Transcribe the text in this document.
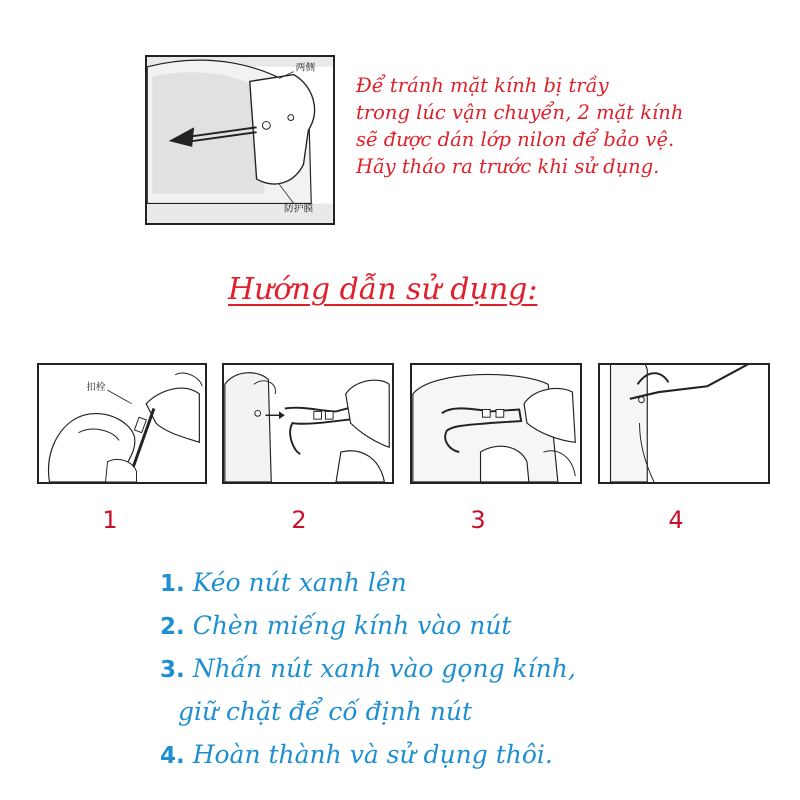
两侧
防护膜
Để tránh mặt kính bị trầy
trong lúc vận chuyển, 2 mặt kính
sẽ được dán lớp nilon để bảo vệ.
Hãy tháo ra trước khi sử dụng.
Hướng dẫn sử dụng:
扣栓
1	2	3	4
1. Kéo nút xanh lên
2. Chèn miếng kính vào nút
3. Nhấn nút xanh vào gọng kính,
giữ chặt để cố định nút
4. Hoàn thành và sử dụng thôi.
